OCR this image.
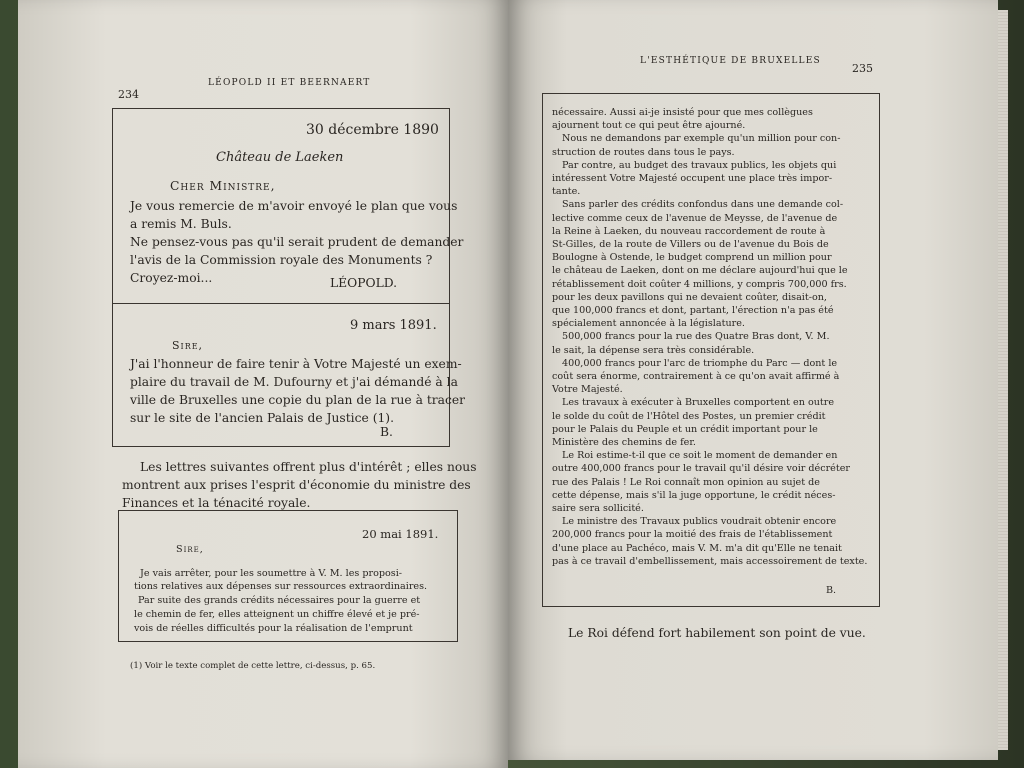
234
LÉOPOLD II ET BEERNAERT
30 décembre 1890
Château de Laeken
Cher Ministre,
Je vous remercie de m'avoir envoyé le plan que vous
a remis M. Buls.
Ne pensez-vous pas qu'il serait prudent de demander
l'avis de la Commission royale des Monuments ?
Croyez-moi...	LÉOPOLD.
9 mars 1891.
Sire,
J'ai l'honneur de faire tenir à Votre Majesté un exem-
plaire du travail de M. Dufourny et j'ai démandé à la
ville de Bruxelles une copie du plan de la rue à tracer
sur le site de l'ancien Palais de Justice (1).
B.
Les lettres suivantes offrent plus d'intérêt ; elles nous
montrent aux prises l'esprit d'économie du ministre des
Finances et la ténacité royale.
20 mai 1891.
Sire,
Je vais arrêter, pour les soumettre à V. M. les proposi-
tions relatives aux dépenses sur ressources extraordinaires.
Par suite des grands crédits nécessaires pour la guerre et
le chemin de fer, elles atteignent un chiffre élevé et je pré-
vois de réelles difficultés pour la réalisation de l'emprunt
(1) Voir le texte complet de cette lettre, ci-dessus, p. 65.
L'ESTHÉTIQUE DE BRUXELLES
235
nécessaire. Aussi ai-je insisté pour que mes collègues
ajournent tout ce qui peut être ajourné.
Nous ne demandons par exemple qu'un million pour con-
struction de routes dans tous le pays.
Par contre, au budget des travaux publics, les objets qui
intéressent Votre Majesté occupent une place très impor-
tante.
Sans parler des crédits confondus dans une demande col-
lective comme ceux de l'avenue de Meysse, de l'avenue de
la Reine à Laeken, du nouveau raccordement de route à
St-Gilles, de la route de Villers ou de l'avenue du Bois de
Boulogne à Ostende, le budget comprend un million pour
le château de Laeken, dont on me déclare aujourd'hui que le
rétablissement doit coûter 4 millions, y compris 700,000 frs.
pour les deux pavillons qui ne devaient coûter, disait-on,
que 100,000 francs et dont, partant, l'érection n'a pas été
spécialement annoncée à la législature.
500,000 francs pour la rue des Quatre Bras dont, V. M.
le sait, la dépense sera très considérable.
400,000 francs pour l'arc de triomphe du Parc — dont le
coût sera énorme, contrairement à ce qu'on avait affirmé à
Votre Majesté.
Les travaux à exécuter à Bruxelles comportent en outre
le solde du coût de l'Hôtel des Postes, un premier crédit
pour le Palais du Peuple et un crédit important pour le
Ministère des chemins de fer.
Le Roi estime-t-il que ce soit le moment de demander en
outre 400,000 francs pour le travail qu'il désire voir décréter
rue des Palais ! Le Roi connaît mon opinion au sujet de
cette dépense, mais s'il la juge opportune, le crédit néces-
saire sera sollicité.
Le ministre des Travaux publics voudrait obtenir encore
200,000 francs pour la moitié des frais de l'établissement
d'une place au Pachéco, mais V. M. m'a dit qu'Elle ne tenait
pas à ce travail d'embellissement, mais accessoirement de texte.
B.
Le Roi défend fort habilement son point de vue.
